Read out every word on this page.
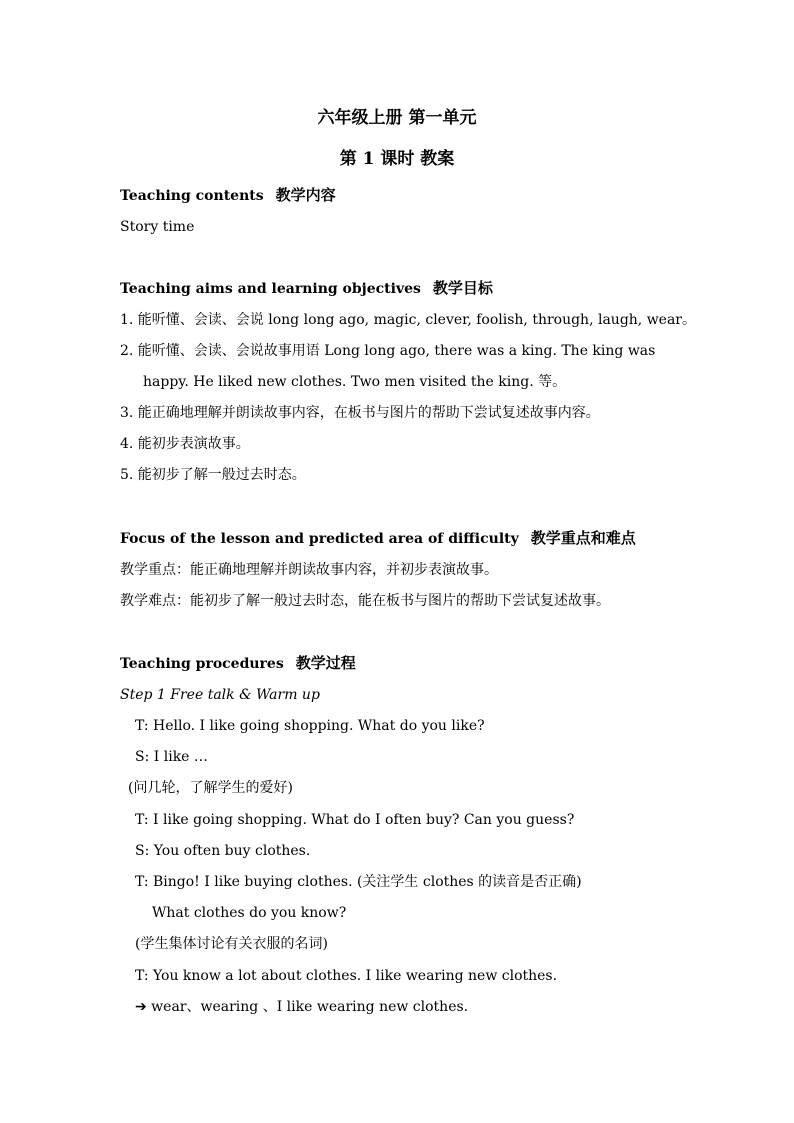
六年级上册 第一单元
第 1 课时 教案
Teaching contents 教学内容
Story time
Teaching aims and learning objectives 教学目标
1. 能听懂、会读、会说 long long ago, magic, clever, foolish, through, laugh, wear。
2. 能听懂、会读、会说故事用语 Long long ago, there was a king. The king was
happy. He liked new clothes. Two men visited the king. 等。
3. 能正确地理解并朗读故事内容，在板书与图片的帮助下尝试复述故事内容。
4. 能初步表演故事。
5. 能初步了解一般过去时态。
Focus of the lesson and predicted area of difficulty 教学重点和难点
教学重点：能正确地理解并朗读故事内容，并初步表演故事。
教学难点：能初步了解一般过去时态，能在板书与图片的帮助下尝试复述故事。
Teaching procedures 教学过程
Step 1 Free talk & Warm up
T: Hello. I like going shopping. What do you like?
S: I like …
(问几轮，了解学生的爱好)
T: I like going shopping. What do I often buy? Can you guess?
S: You often buy clothes.
T: Bingo! I like buying clothes. (关注学生 clothes 的读音是否正确)
What clothes do you know?
(学生集体讨论有关衣服的名词)
T: You know a lot about clothes. I like wearing new clothes.
➔ wear、wearing 、I like wearing new clothes.
